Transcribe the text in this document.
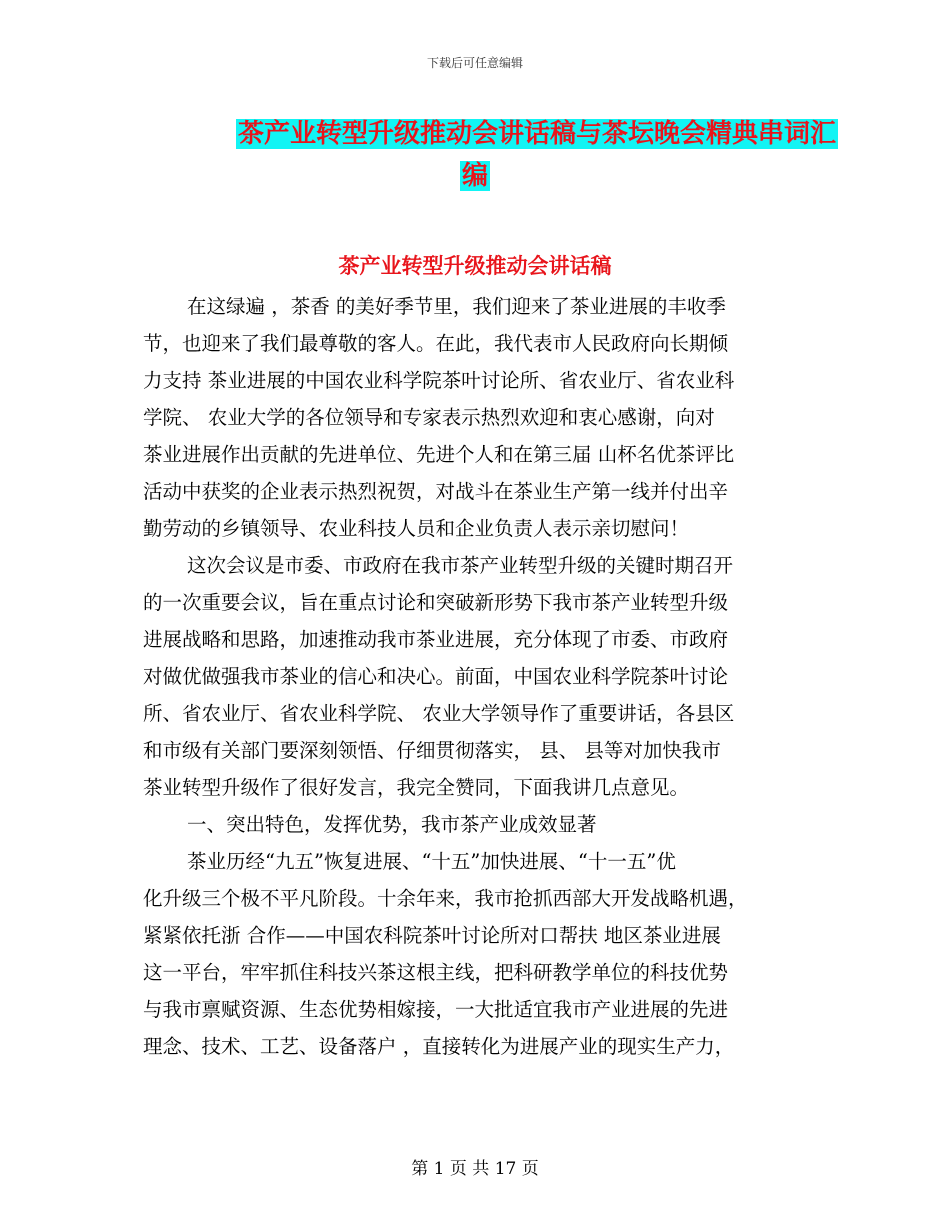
下载后可任意编辑
茶产业转型升级推动会讲话稿与茶坛晚会精典串词汇
编
茶产业转型升级推动会讲话稿
在这绿遍 ，茶香 的美好季节里，我们迎来了茶业进展的丰收季
节，也迎来了我们最尊敬的客人。在此，我代表市人民政府向长期倾
力支持 茶业进展的中国农业科学院茶叶讨论所、省农业厅、省农业科
学院、 农业大学的各位领导和专家表示热烈欢迎和衷心感谢，向对
茶业进展作出贡献的先进单位、先进个人和在第三届 山杯名优茶评比
活动中获奖的企业表示热烈祝贺，对战斗在茶业生产第一线并付出辛
勤劳动的乡镇领导、农业科技人员和企业负责人表示亲切慰问！
这次会议是市委、市政府在我市茶产业转型升级的关键时期召开
的一次重要会议，旨在重点讨论和突破新形势下我市茶产业转型升级
进展战略和思路，加速推动我市茶业进展，充分体现了市委、市政府
对做优做强我市茶业的信心和决心。前面，中国农业科学院茶叶讨论
所、省农业厅、省农业科学院、 农业大学领导作了重要讲话，各县区
和市级有关部门要深刻领悟、仔细贯彻落实， 县、 县等对加快我市
茶业转型升级作了很好发言，我完全赞同，下面我讲几点意见。
一、突出特色，发挥优势，我市茶产业成效显著
茶业历经“九五”恢复进展、“十五”加快进展、“十一五”优
化升级三个极不平凡阶段。十余年来，我市抢抓西部大开发战略机遇，
紧紧依托浙 合作——中国农科院茶叶讨论所对口帮扶 地区茶业进展
这一平台，牢牢抓住科技兴茶这根主线，把科研教学单位的科技优势
与我市禀赋资源、生态优势相嫁接，一大批适宜我市产业进展的先进
理念、技术、工艺、设备落户 ，直接转化为进展产业的现实生产力，
第 1 页 共 17 页
